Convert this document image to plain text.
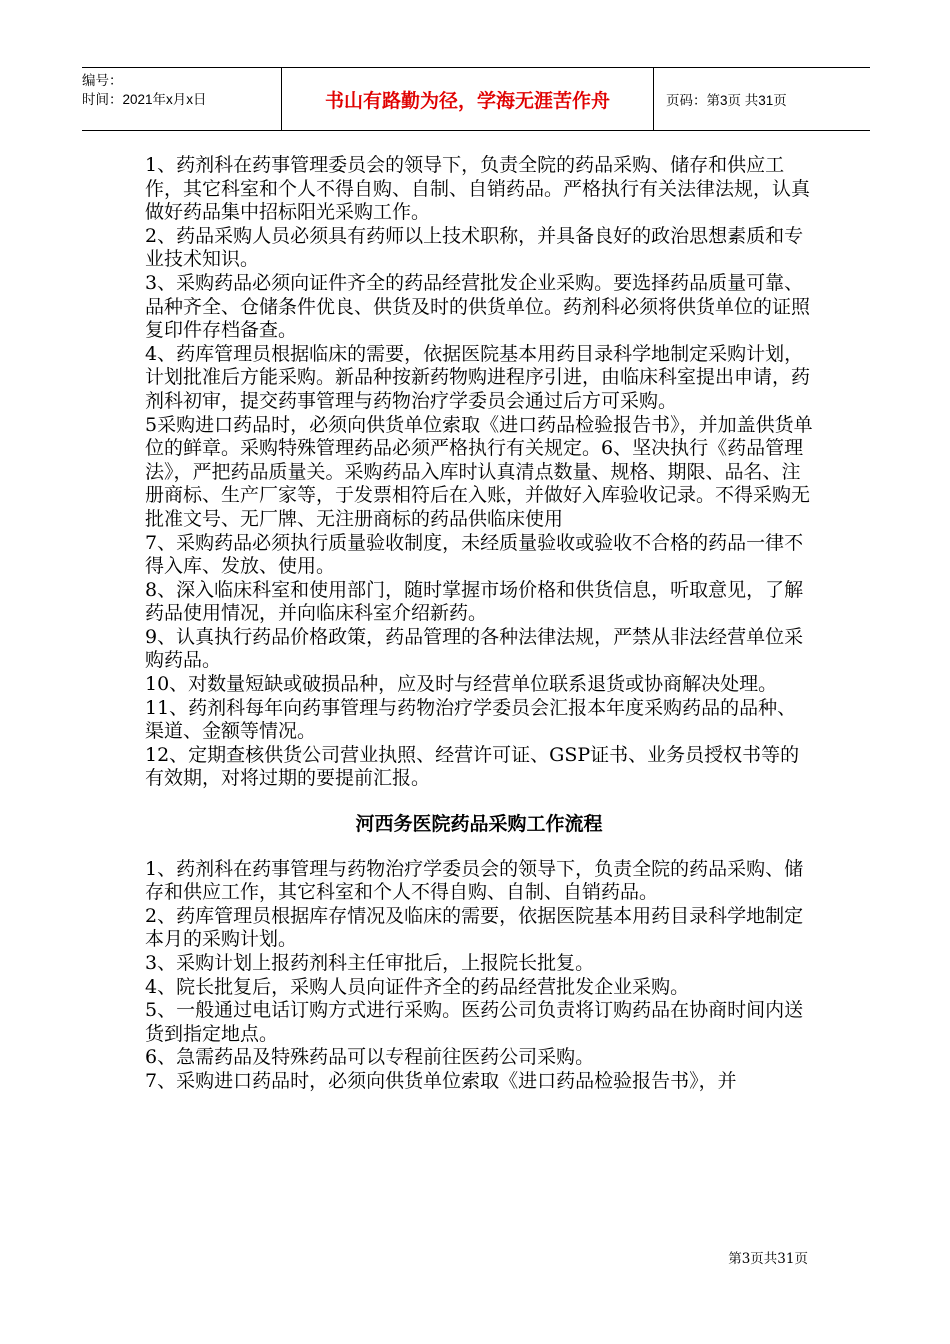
编号：
时间：2021年x月x日	书山有路勤为径，学海无涯苦作舟	页码：第3页 共31页

1、药剂科在药事管理委员会的领导下，负责全院的药品采购、储存和供应工作，其它科室和个人不得自购、自制、自销药品。严格执行有关法律法规，认真做好药品集中招标阳光采购工作。

2、药品采购人员必须具有药师以上技术职称，并具备良好的政治思想素质和专业技术知识。

3、采购药品必须向证件齐全的药品经营批发企业采购。要选择药品质量可靠、品种齐全、仓储条件优良、供货及时的供货单位。药剂科必须将供货单位的证照复印件存档备查。

4、药库管理员根据临床的需要，依据医院基本用药目录科学地制定采购计划，计划批准后方能采购。新品种按新药物购进程序引进，由临床科室提出申请，药剂科初审，提交药事管理与药物治疗学委员会通过后方可采购。

5采购进口药品时，必须向供货单位索取《进口药品检验报告书》，并加盖供货单位的鲜章。采购特殊管理药品必须严格执行有关规定。6、坚决执行《药品管理法》，严把药品质量关。采购药品入库时认真清点数量、规格、期限、品名、注册商标、生产厂家等，于发票相符后在入账，并做好入库验收记录。不得采购无批准文号、无厂牌、无注册商标的药品供临床使用

7、采购药品必须执行质量验收制度，未经质量验收或验收不合格的药品一律不得入库、发放、使用。

8、深入临床科室和使用部门，随时掌握市场价格和供货信息，听取意见，了解药品使用情况，并向临床科室介绍新药。

9、认真执行药品价格政策，药品管理的各种法律法规，严禁从非法经营单位采购药品。

10、对数量短缺或破损品种，应及时与经营单位联系退货或协商解决处理。

11、药剂科每年向药事管理与药物治疗学委员会汇报本年度采购药品的品种、渠道、金额等情况。

12、定期查核供货公司营业执照、经营许可证、GSP证书、业务员授权书等的有效期，对将过期的要提前汇报。

河西务医院药品采购工作流程

1、药剂科在药事管理与药物治疗学委员会的领导下，负责全院的药品采购、储存和供应工作，其它科室和个人不得自购、自制、自销药品。

2、药库管理员根据库存情况及临床的需要，依据医院基本用药目录科学地制定本月的采购计划。

3、采购计划上报药剂科主任审批后，上报院长批复。

4、院长批复后，采购人员向证件齐全的药品经营批发企业采购。

5、一般通过电话订购方式进行采购。医药公司负责将订购药品在协商时间内送货到指定地点。

6、急需药品及特殊药品可以专程前往医药公司采购。

7、采购进口药品时，必须向供货单位索取《进口药品检验报告书》，并

第3页共31页
